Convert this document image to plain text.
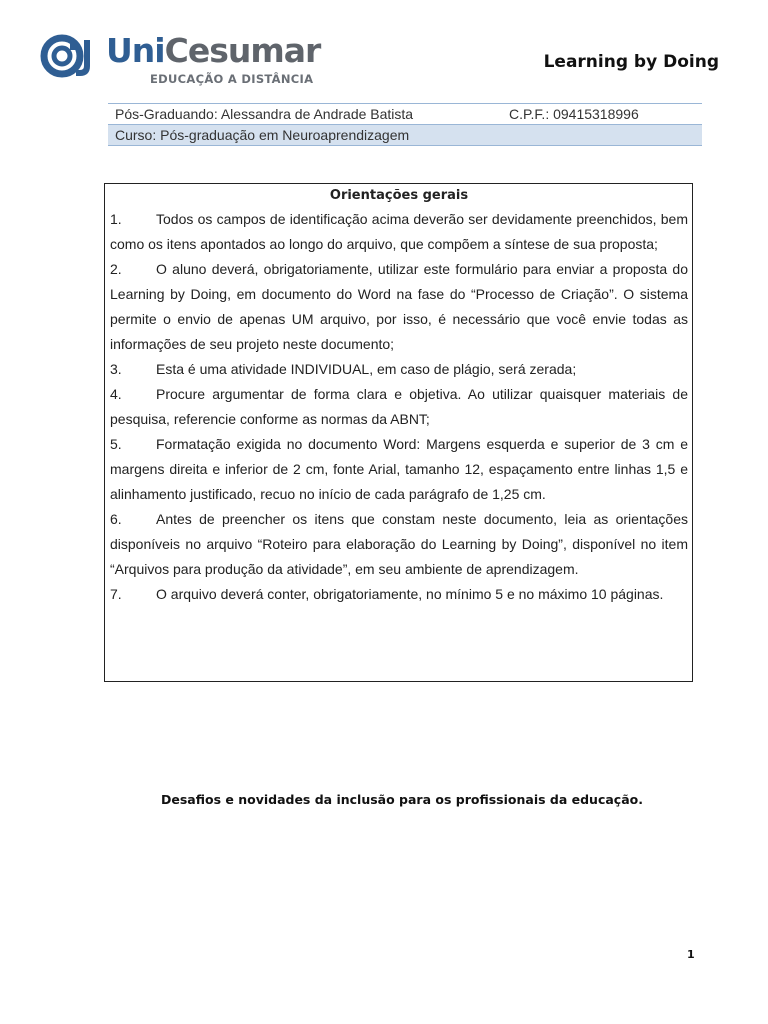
UniCesumar
EDUCAÇÃO A DISTÂNCIA
Learning by Doing
Pós-Graduando: Alessandra de Andrade Batista	C.P.F.: 09415318996
Curso: Pós-graduação em Neuroaprendizagem
Orientações gerais
1. Todos os campos de identificação acima deverão ser devidamente preenchidos, bem como os itens apontados ao longo do arquivo, que compõem a síntese de sua proposta;
2. O aluno deverá, obrigatoriamente, utilizar este formulário para enviar a proposta do Learning by Doing, em documento do Word na fase do “Processo de Criação”. O sistema permite o envio de apenas UM arquivo, por isso, é necessário que você envie todas as informações de seu projeto neste documento;
3. Esta é uma atividade INDIVIDUAL, em caso de plágio, será zerada;
4. Procure argumentar de forma clara e objetiva. Ao utilizar quaisquer materiais de pesquisa, referencie conforme as normas da ABNT;
5. Formatação exigida no documento Word: Margens esquerda e superior de 3 cm e margens direita e inferior de 2 cm, fonte Arial, tamanho 12, espaçamento entre linhas 1,5 e alinhamento justificado, recuo no início de cada parágrafo de 1,25 cm.
6. Antes de preencher os itens que constam neste documento, leia as orientações disponíveis no arquivo “Roteiro para elaboração do Learning by Doing”, disponível no item “Arquivos para produção da atividade”, em seu ambiente de aprendizagem.
7. O arquivo deverá conter, obrigatoriamente, no mínimo 5 e no máximo 10 páginas.
Desafios e novidades da inclusão para os profissionais da educação.
1
